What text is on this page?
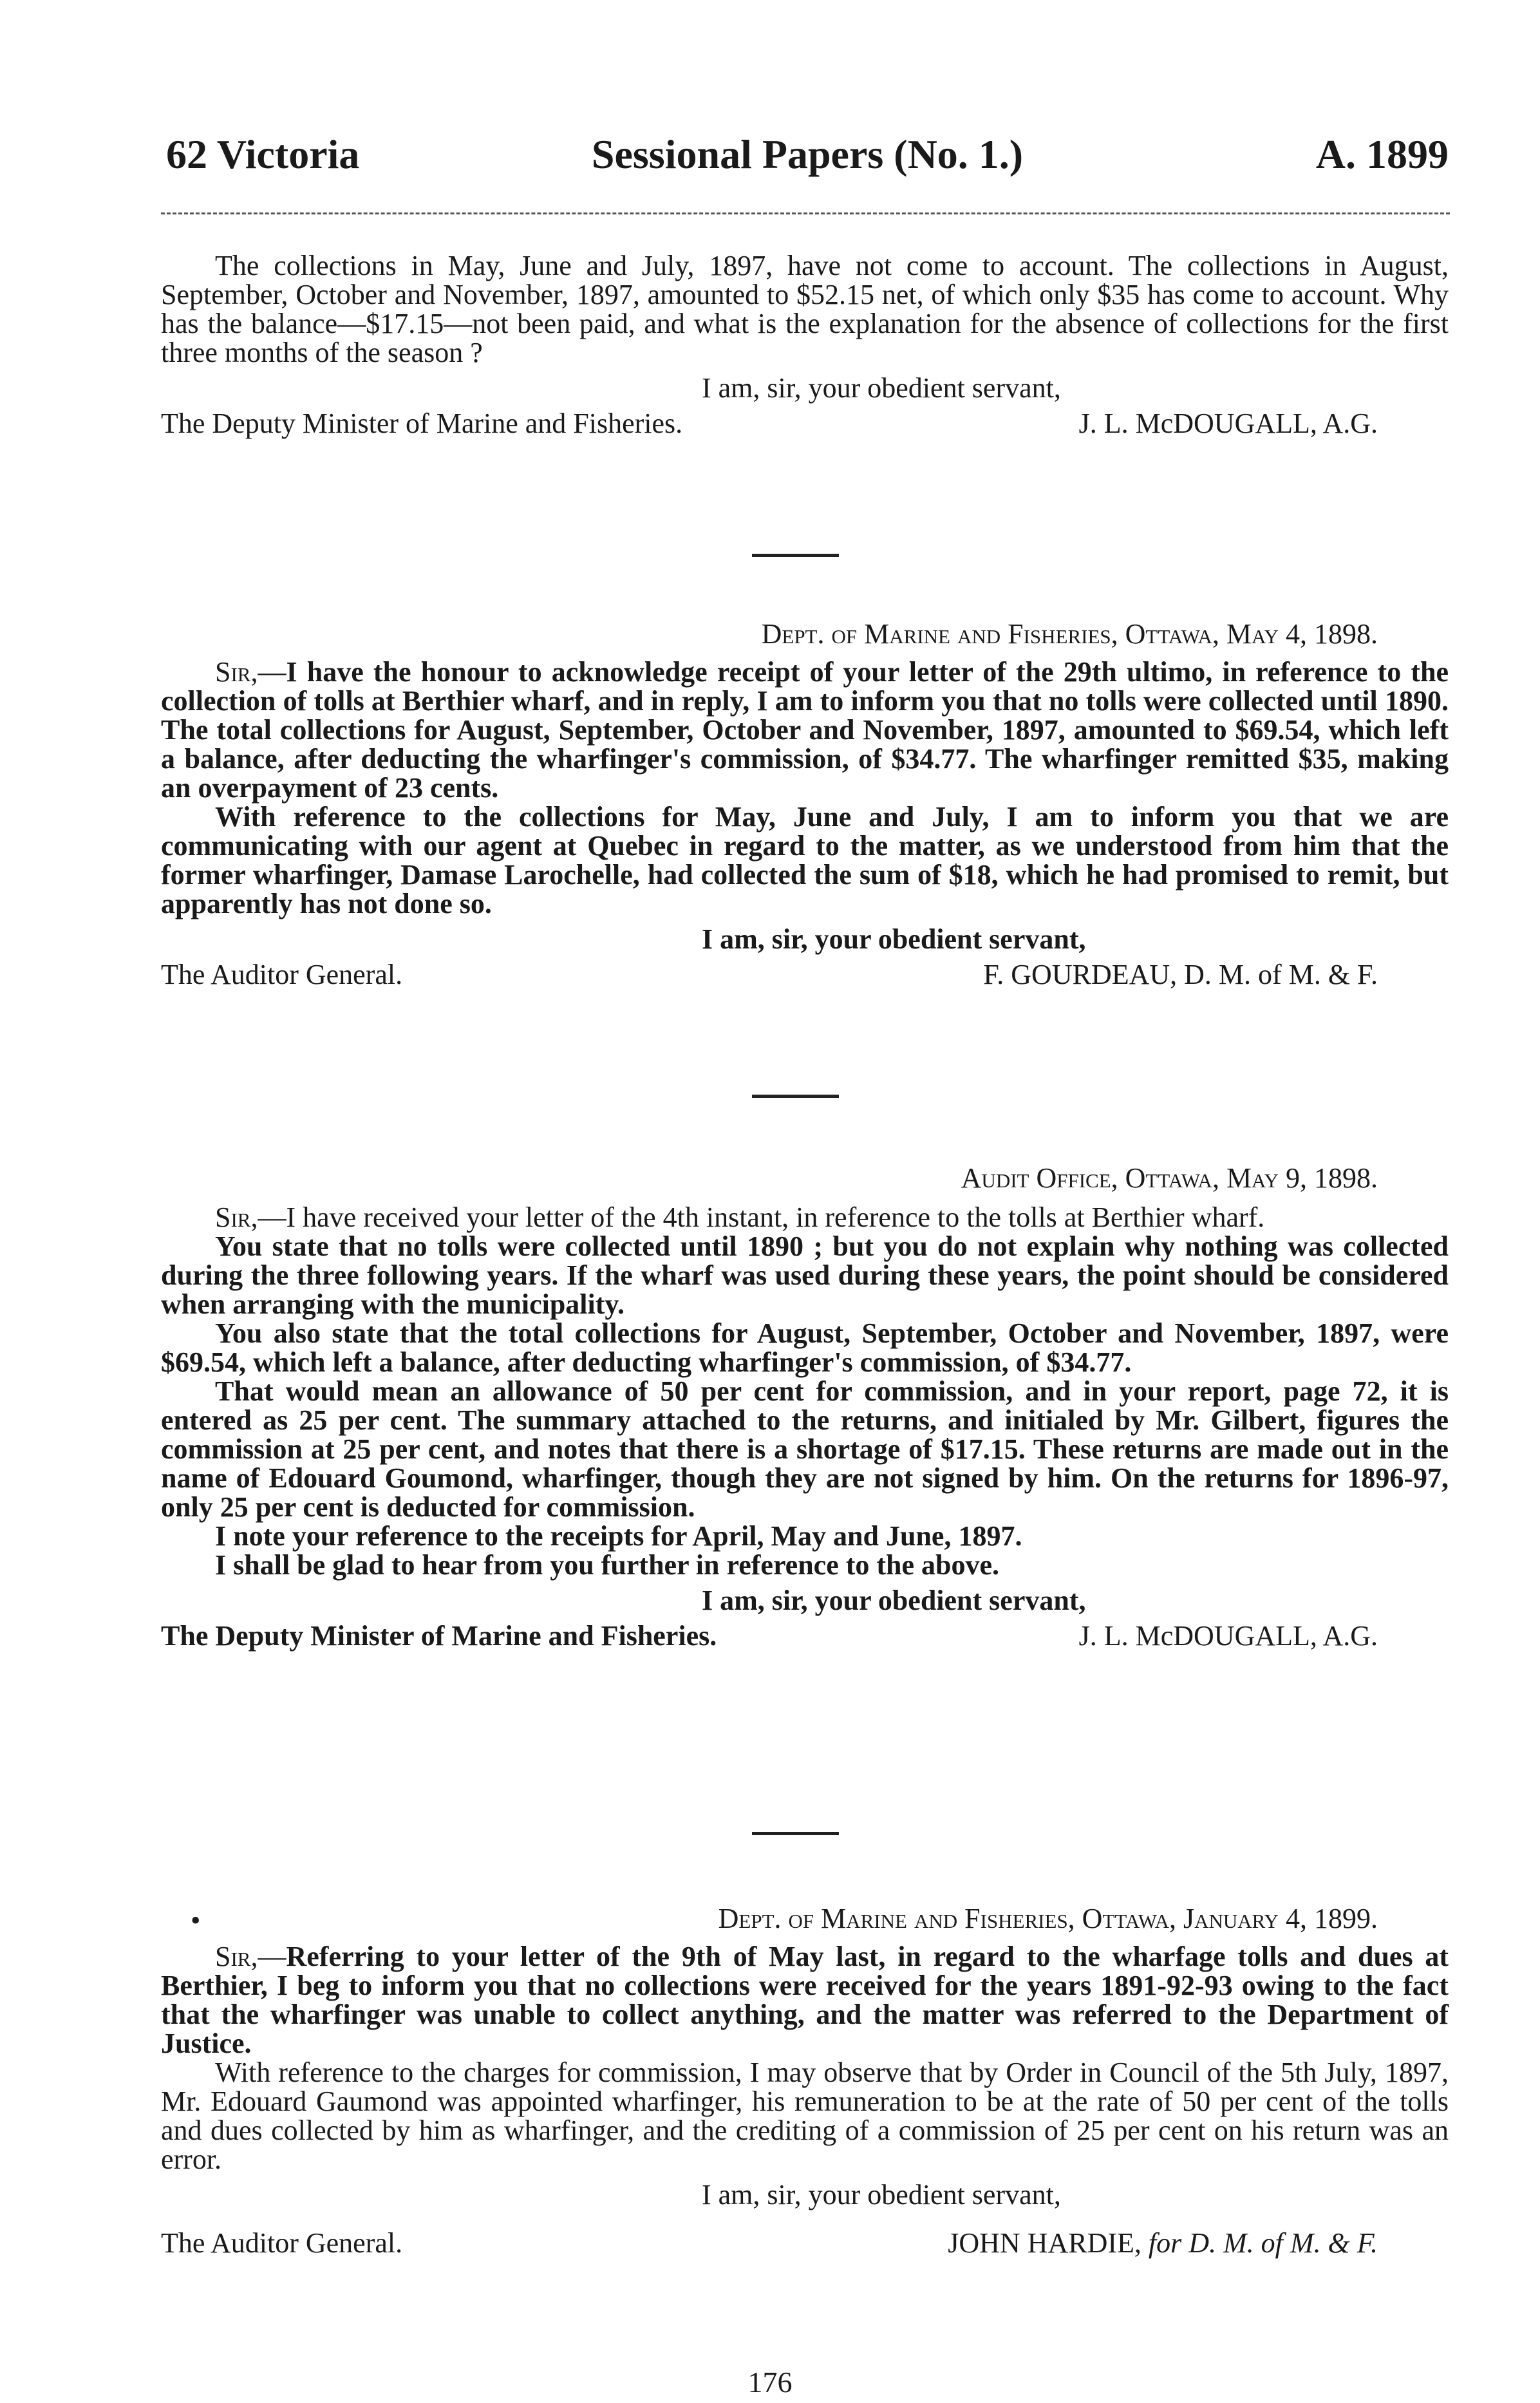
62 Victoria	Sessional Papers (No. 1.)	A. 1899

The collections in May, June and July, 1897, have not come to account. The collections in August, September, October and November, 1897, amounted to $52.15 net, of which only $35 has come to account. Why has the balance—$17.15—not been paid, and what is the explanation for the absence of collections for the first three months of the season ?

I am, sir, your obedient servant,
The Deputy Minister of Marine and Fisheries.	J. L. McDOUGALL, A.G.
Dept. of Marine and Fisheries, Ottawa, May 4, 1898.

Sir,—I have the honour to acknowledge receipt of your letter of the 29th ultimo, in reference to the collection of tolls at Berthier wharf, and in reply, I am to inform you that no tolls were collected until 1890. The total collections for August, September, October and November, 1897, amounted to $69.54, which left a balance, after deducting the wharfinger's commission, of $34.77. The wharfinger remitted $35, making an overpayment of 23 cents.

With reference to the collections for May, June and July, I am to inform you that we are communicating with our agent at Quebec in regard to the matter, as we understood from him that the former wharfinger, Damase Larochelle, had collected the sum of $18, which he had promised to remit, but apparently has not done so.

I am, sir, your obedient servant,
The Auditor General.	F. GOURDEAU, D. M. of M. & F.
Audit Office, Ottawa, May 9, 1898.

Sir,—I have received your letter of the 4th instant, in reference to the tolls at Berthier wharf.

You state that no tolls were collected until 1890 ; but you do not explain why nothing was collected during the three following years. If the wharf was used during these years, the point should be considered when arranging with the municipality.

You also state that the total collections for August, September, October and November, 1897, were $69.54, which left a balance, after deducting wharfinger's commission, of $34.77.

That would mean an allowance of 50 per cent for commission, and in your report, page 72, it is entered as 25 per cent. The summary attached to the returns, and initialed by Mr. Gilbert, figures the commission at 25 per cent, and notes that there is a shortage of $17.15. These returns are made out in the name of Edouard Goumond, wharfinger, though they are not signed by him. On the returns for 1896-97, only 25 per cent is deducted for commission.

I note your reference to the receipts for April, May and June, 1897.

I shall be glad to hear from you further in reference to the above.

I am, sir, your obedient servant,
The Deputy Minister of Marine and Fisheries.	J. L. McDOUGALL, A.G.
•	Dept. of Marine and Fisheries, Ottawa, January 4, 1899.

Sir,—Referring to your letter of the 9th of May last, in regard to the wharfage tolls and dues at Berthier, I beg to inform you that no collections were received for the years 1891-92-93 owing to the fact that the wharfinger was unable to collect anything, and the matter was referred to the Department of Justice.

With reference to the charges for commission, I may observe that by Order in Council of the 5th July, 1897, Mr. Edouard Gaumond was appointed wharfinger, his remuneration to be at the rate of 50 per cent of the tolls and dues collected by him as wharfinger, and the crediting of a commission of 25 per cent on his return was an error.

I am, sir, your obedient servant,
The Auditor General.	JOHN HARDIE, for D. M. of M. & F.
176
